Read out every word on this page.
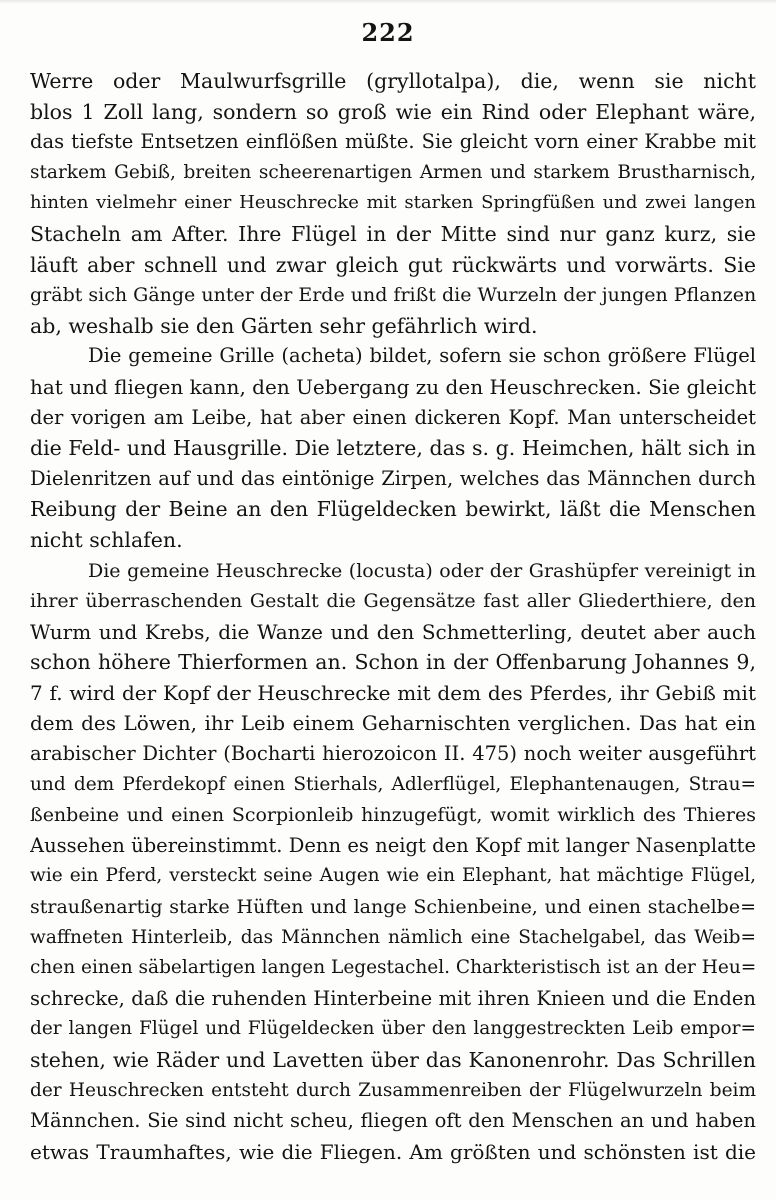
222
Werre oder Maulwurfsgrille (gryllotalpa), die, wenn sie nicht
blos 1 Zoll lang, sondern so groß wie ein Rind oder Elephant wäre,
das tiefste Entsetzen einflößen müßte. Sie gleicht vorn einer Krabbe mit
starkem Gebiß, breiten scheerenartigen Armen und starkem Brustharnisch,
hinten vielmehr einer Heuschrecke mit starken Springfüßen und zwei langen
Stacheln am After. Ihre Flügel in der Mitte sind nur ganz kurz, sie
läuft aber schnell und zwar gleich gut rückwärts und vorwärts. Sie
gräbt sich Gänge unter der Erde und frißt die Wurzeln der jungen Pflanzen
ab, weshalb sie den Gärten sehr gefährlich wird.
Die gemeine Grille (acheta) bildet, sofern sie schon größere Flügel
hat und fliegen kann, den Uebergang zu den Heuschrecken. Sie gleicht
der vorigen am Leibe, hat aber einen dickeren Kopf. Man unterscheidet
die Feld- und Hausgrille. Die letztere, das s. g. Heimchen, hält sich in
Dielenritzen auf und das eintönige Zirpen, welches das Männchen durch
Reibung der Beine an den Flügeldecken bewirkt, läßt die Menschen
nicht schlafen.
Die gemeine Heuschrecke (locusta) oder der Grashüpfer vereinigt in
ihrer überraschenden Gestalt die Gegensätze fast aller Gliederthiere, den
Wurm und Krebs, die Wanze und den Schmetterling, deutet aber auch
schon höhere Thierformen an. Schon in der Offenbarung Johannes 9,
7 f. wird der Kopf der Heuschrecke mit dem des Pferdes, ihr Gebiß mit
dem des Löwen, ihr Leib einem Geharnischten verglichen. Das hat ein
arabischer Dichter (Bocharti hierozoicon II. 475) noch weiter ausgeführt
und dem Pferdekopf einen Stierhals, Adlerflügel, Elephantenaugen, Strau=
ßenbeine und einen Scorpionleib hinzugefügt, womit wirklich des Thieres
Aussehen übereinstimmt. Denn es neigt den Kopf mit langer Nasenplatte
wie ein Pferd, versteckt seine Augen wie ein Elephant, hat mächtige Flügel,
straußenartig starke Hüften und lange Schienbeine, und einen stachelbe=
waffneten Hinterleib, das Männchen nämlich eine Stachelgabel, das Weib=
chen einen säbelartigen langen Legestachel. Charkteristisch ist an der Heu=
schrecke, daß die ruhenden Hinterbeine mit ihren Knieen und die Enden
der langen Flügel und Flügeldecken über den langgestreckten Leib empor=
stehen, wie Räder und Lavetten über das Kanonenrohr. Das Schrillen
der Heuschrecken entsteht durch Zusammenreiben der Flügelwurzeln beim
Männchen. Sie sind nicht scheu, fliegen oft den Menschen an und haben
etwas Traumhaftes, wie die Fliegen. Am größten und schönsten ist die
